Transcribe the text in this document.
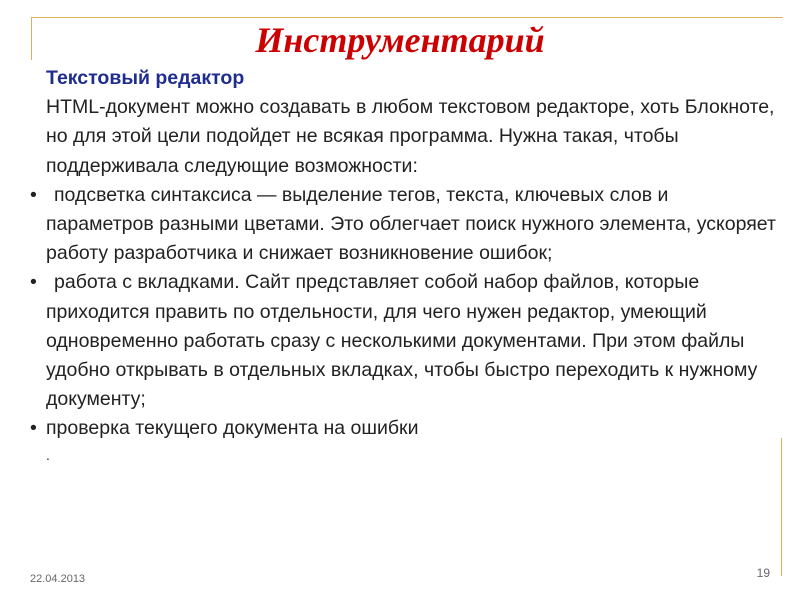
Инструментарий

Текстовый редактор

HTML-документ можно создавать в любом текстовом редакторе, хоть Блокноте, но для этой цели подойдет не всякая программа. Нужна такая, чтобы поддерживала следующие возможности:

• подсветка синтаксиса — выделение тегов, текста, ключевых слов и параметров разными цветами. Это облегчает поиск нужного элемента, ускоряет работу разработчика и снижает возникновение ошибок;

• работа с вкладками. Сайт представляет собой набор файлов, которые приходится править по отдельности, для чего нужен редактор, умеющий одновременно работать сразу с несколькими документами. При этом файлы удобно открывать в отдельных вкладках, чтобы быстро переходить к нужному документу;

• проверка текущего документа на ошибки

.

22.04.2013	19
